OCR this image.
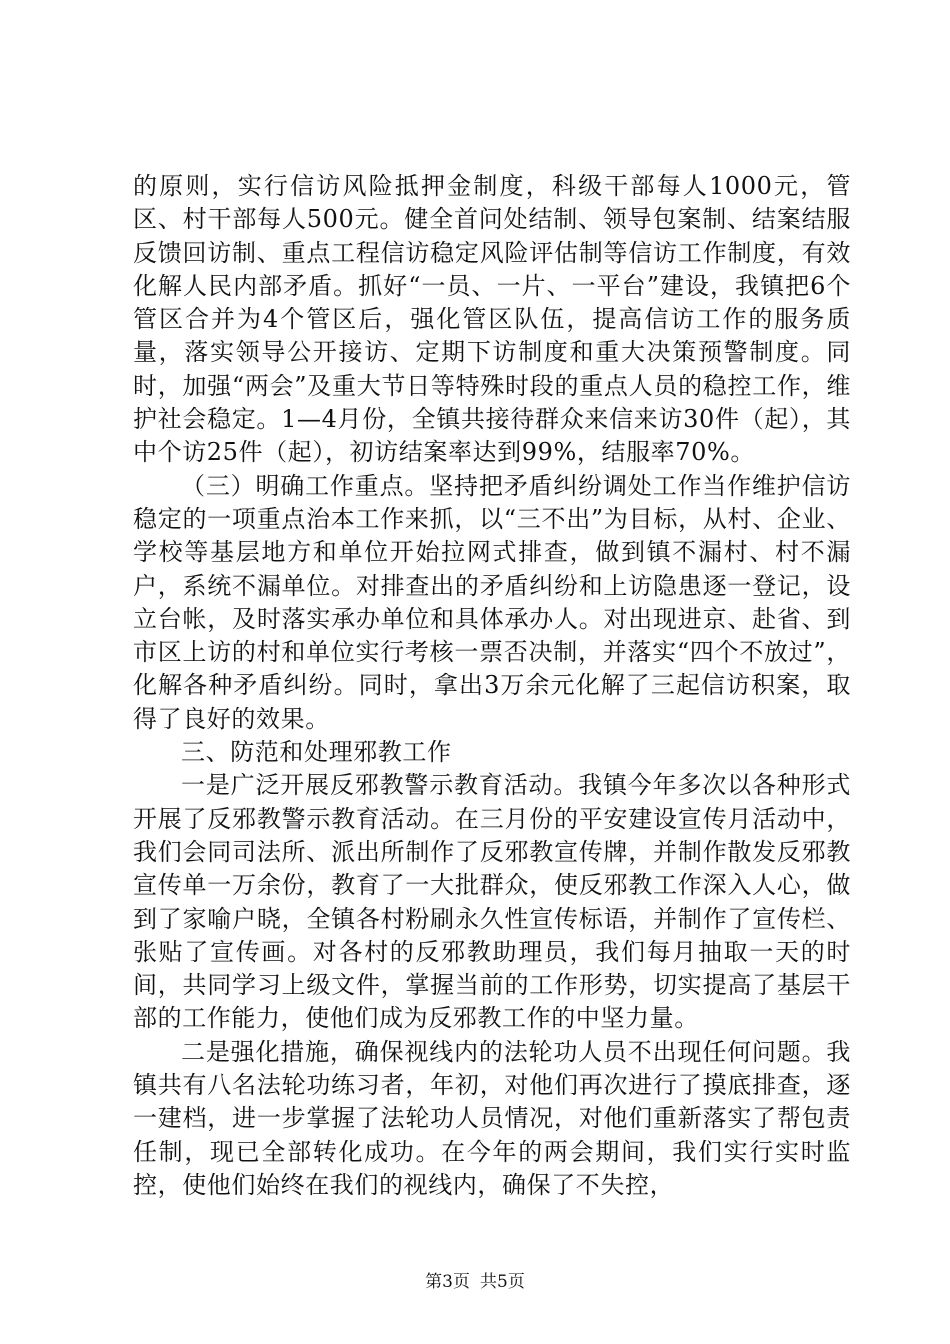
的原则，实行信访风险抵押金制度，科级干部每人1000元，管区、村干部每人500元。健全首问处结制、领导包案制、结案结服反馈回访制、重点工程信访稳定风险评估制等信访工作制度，有效化解人民内部矛盾。抓好“一员、一片、一平台”建设，我镇把6个管区合并为4个管区后，强化管区队伍，提高信访工作的服务质量，落实领导公开接访、定期下访制度和重大决策预警制度。同时，加强“两会”及重大节日等特殊时段的重点人员的稳控工作，维护社会稳定。1—4月份，全镇共接待群众来信来访30件（起），其中个访25件（起），初访结案率达到99%，结服率70%。

（三）明确工作重点。坚持把矛盾纠纷调处工作当作维护信访稳定的一项重点治本工作来抓，以“三不出”为目标，从村、企业、学校等基层地方和单位开始拉网式排查，做到镇不漏村、村不漏户，系统不漏单位。对排查出的矛盾纠纷和上访隐患逐一登记，设立台帐，及时落实承办单位和具体承办人。对出现进京、赴省、到市区上访的村和单位实行考核一票否决制，并落实“四个不放过”，化解各种矛盾纠纷。同时，拿出3万余元化解了三起信访积案，取得了良好的效果。

三、防范和处理邪教工作

一是广泛开展反邪教警示教育活动。我镇今年多次以各种形式开展了反邪教警示教育活动。在三月份的平安建设宣传月活动中，我们会同司法所、派出所制作了反邪教宣传牌，并制作散发反邪教宣传单一万余份，教育了一大批群众，使反邪教工作深入人心，做到了家喻户晓，全镇各村粉刷永久性宣传标语，并制作了宣传栏、张贴了宣传画。对各村的反邪教助理员，我们每月抽取一天的时间，共同学习上级文件，掌握当前的工作形势，切实提高了基层干部的工作能力，使他们成为反邪教工作的中坚力量。

二是强化措施，确保视线内的法轮功人员不出现任何问题。我镇共有八名法轮功练习者，年初，对他们再次进行了摸底排查，逐一建档，进一步掌握了法轮功人员情况，对他们重新落实了帮包责任制，现已全部转化成功。在今年的两会期间，我们实行实时监控，使他们始终在我们的视线内，确保了不失控，

第3页 共5页
